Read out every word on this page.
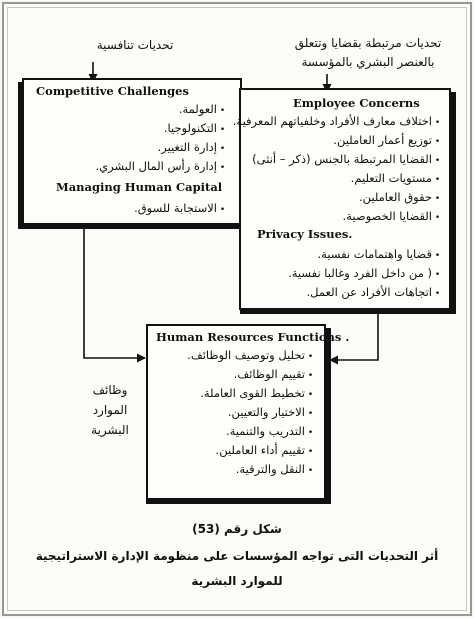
تحديات تنافسية	تحديات مرتبطة بقضايا وتتعلق
بالعنصر البشري بالمؤسسة
Competitive Challenges
•العولمة.
•التكنولوجيا.
•إدارة التغيير.
•إدارة رأس المال البشري.
Managing Human Capital
•الاستجابة للسوق.
Employee Concerns
•اختلاف معارف الأفراد وخلفياتهم المعرفية.
•توزيع أعمار العاملين.
•القضايا المرتبطة بالجنس (ذكر – أنثى)
•مستويات التعليم.
•حقوق العاملين.
•القضايا الخصوصية.
Privacy Issues.
•قضايا واهتمامات نفسية.
•( من داخل الفرد وغالبا نفسية.
•اتجاهات الأفراد عن العمل.
وظائف
الموارد
البشرية
Human Resources Functions .
•تحليل وتوصيف الوظائف.
•تقييم الوظائف.
•تخطيط القوى العاملة.
•الاختيار والتعيين.
•التدريب والتنمية.
•تقييم أداء العاملين.
•النقل والترقية.
شكل رقم (53)
أثر التحديات التى تواجه المؤسسات على منظومة الإدارة الاستراتيجية
للموارد البشرية
